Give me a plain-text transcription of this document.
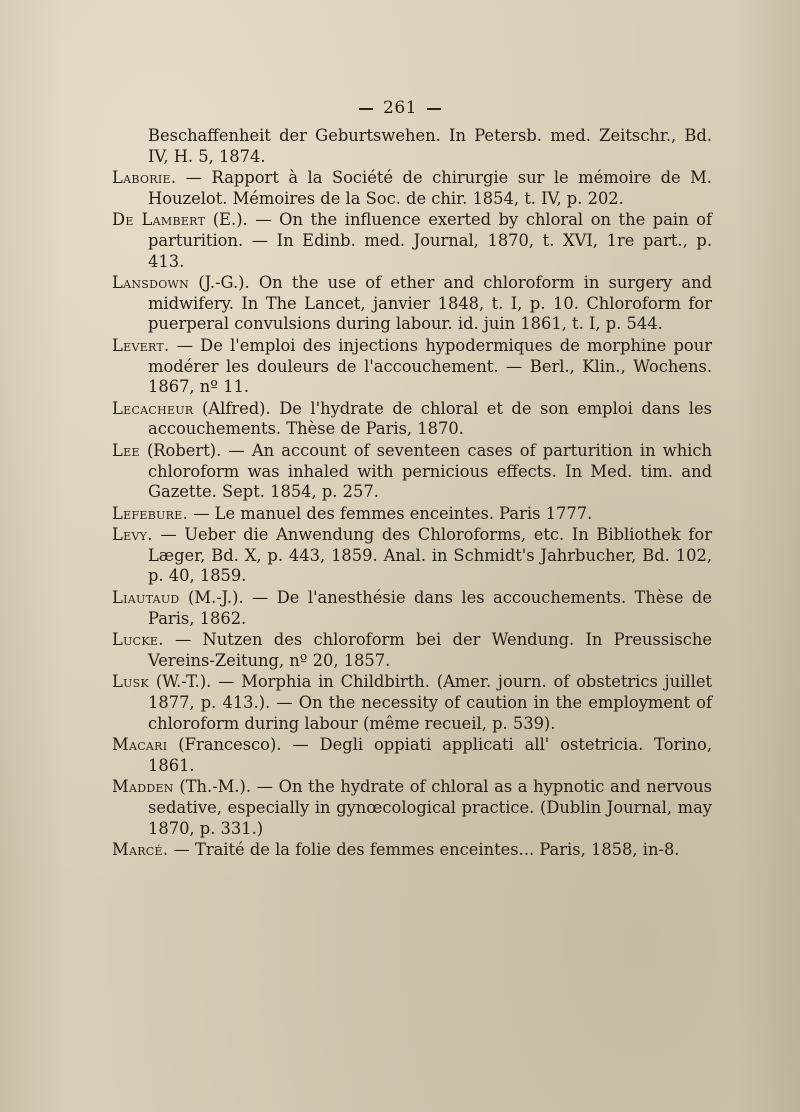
261

Beschaffenheit der Geburtswehen. In Petersb. med. Zeitschr., Bd. IV, H. 5, 1874.

Laborie. — Rapport à la Société de chirurgie sur le mémoire de M. Houzelot. Mémoires de la Soc. de chir. 1854, t. IV, p. 202.

De Lambert (E.). — On the influence exerted by chloral on the pain of parturition. — In Edinb. med. Journal, 1870, t. XVI, 1re part., p. 413.

Lansdown (J.-G.). On the use of ether and chloroform in surgery and midwifery. In The Lancet, janvier 1848, t. I, p. 10. Chloroform for puerperal convulsions during labour. id. juin 1861, t. I, p. 544.

Levert. — De l'emploi des injections hypodermiques de morphine pour modérer les douleurs de l'accouchement. — Berl., Klin., Wochens. 1867, nº 11.

Lecacheur (Alfred). De l'hydrate de chloral et de son emploi dans les accouchements. Thèse de Paris, 1870.

Lee (Robert). — An account of seventeen cases of parturition in which chloroform was inhaled with pernicious effects. In Med. tim. and Gazette. Sept. 1854, p. 257.

Lefebure. — Le manuel des femmes enceintes. Paris 1777.

Levy. — Ueber die Anwendung des Chloroforms, etc. In Bibliothek for Læger, Bd. X, p. 443, 1859. Anal. in Schmidt's Jahrbucher, Bd. 102, p. 40, 1859.

Liautaud (M.-J.). — De l'anesthésie dans les accouchements. Thèse de Paris, 1862.

Lucke. — Nutzen des chloroform bei der Wendung. In Preussische Vereins-Zeitung, nº 20, 1857.

Lusk (W.-T.). — Morphia in Childbirth. (Amer. journ. of obstetrics juillet 1877, p. 413.). — On the necessity of caution in the employment of chloroform during labour (même recueil, p. 539).

Macari (Francesco). — Degli oppiati applicati all' ostetricia. Torino, 1861.

Madden (Th.-M.). — On the hydrate of chloral as a hypnotic and nervous sedative, especially in gynœcological practice. (Dublin Journal, may 1870, p. 331.)

Marcé. — Traité de la folie des femmes enceintes... Paris, 1858, in-8.
